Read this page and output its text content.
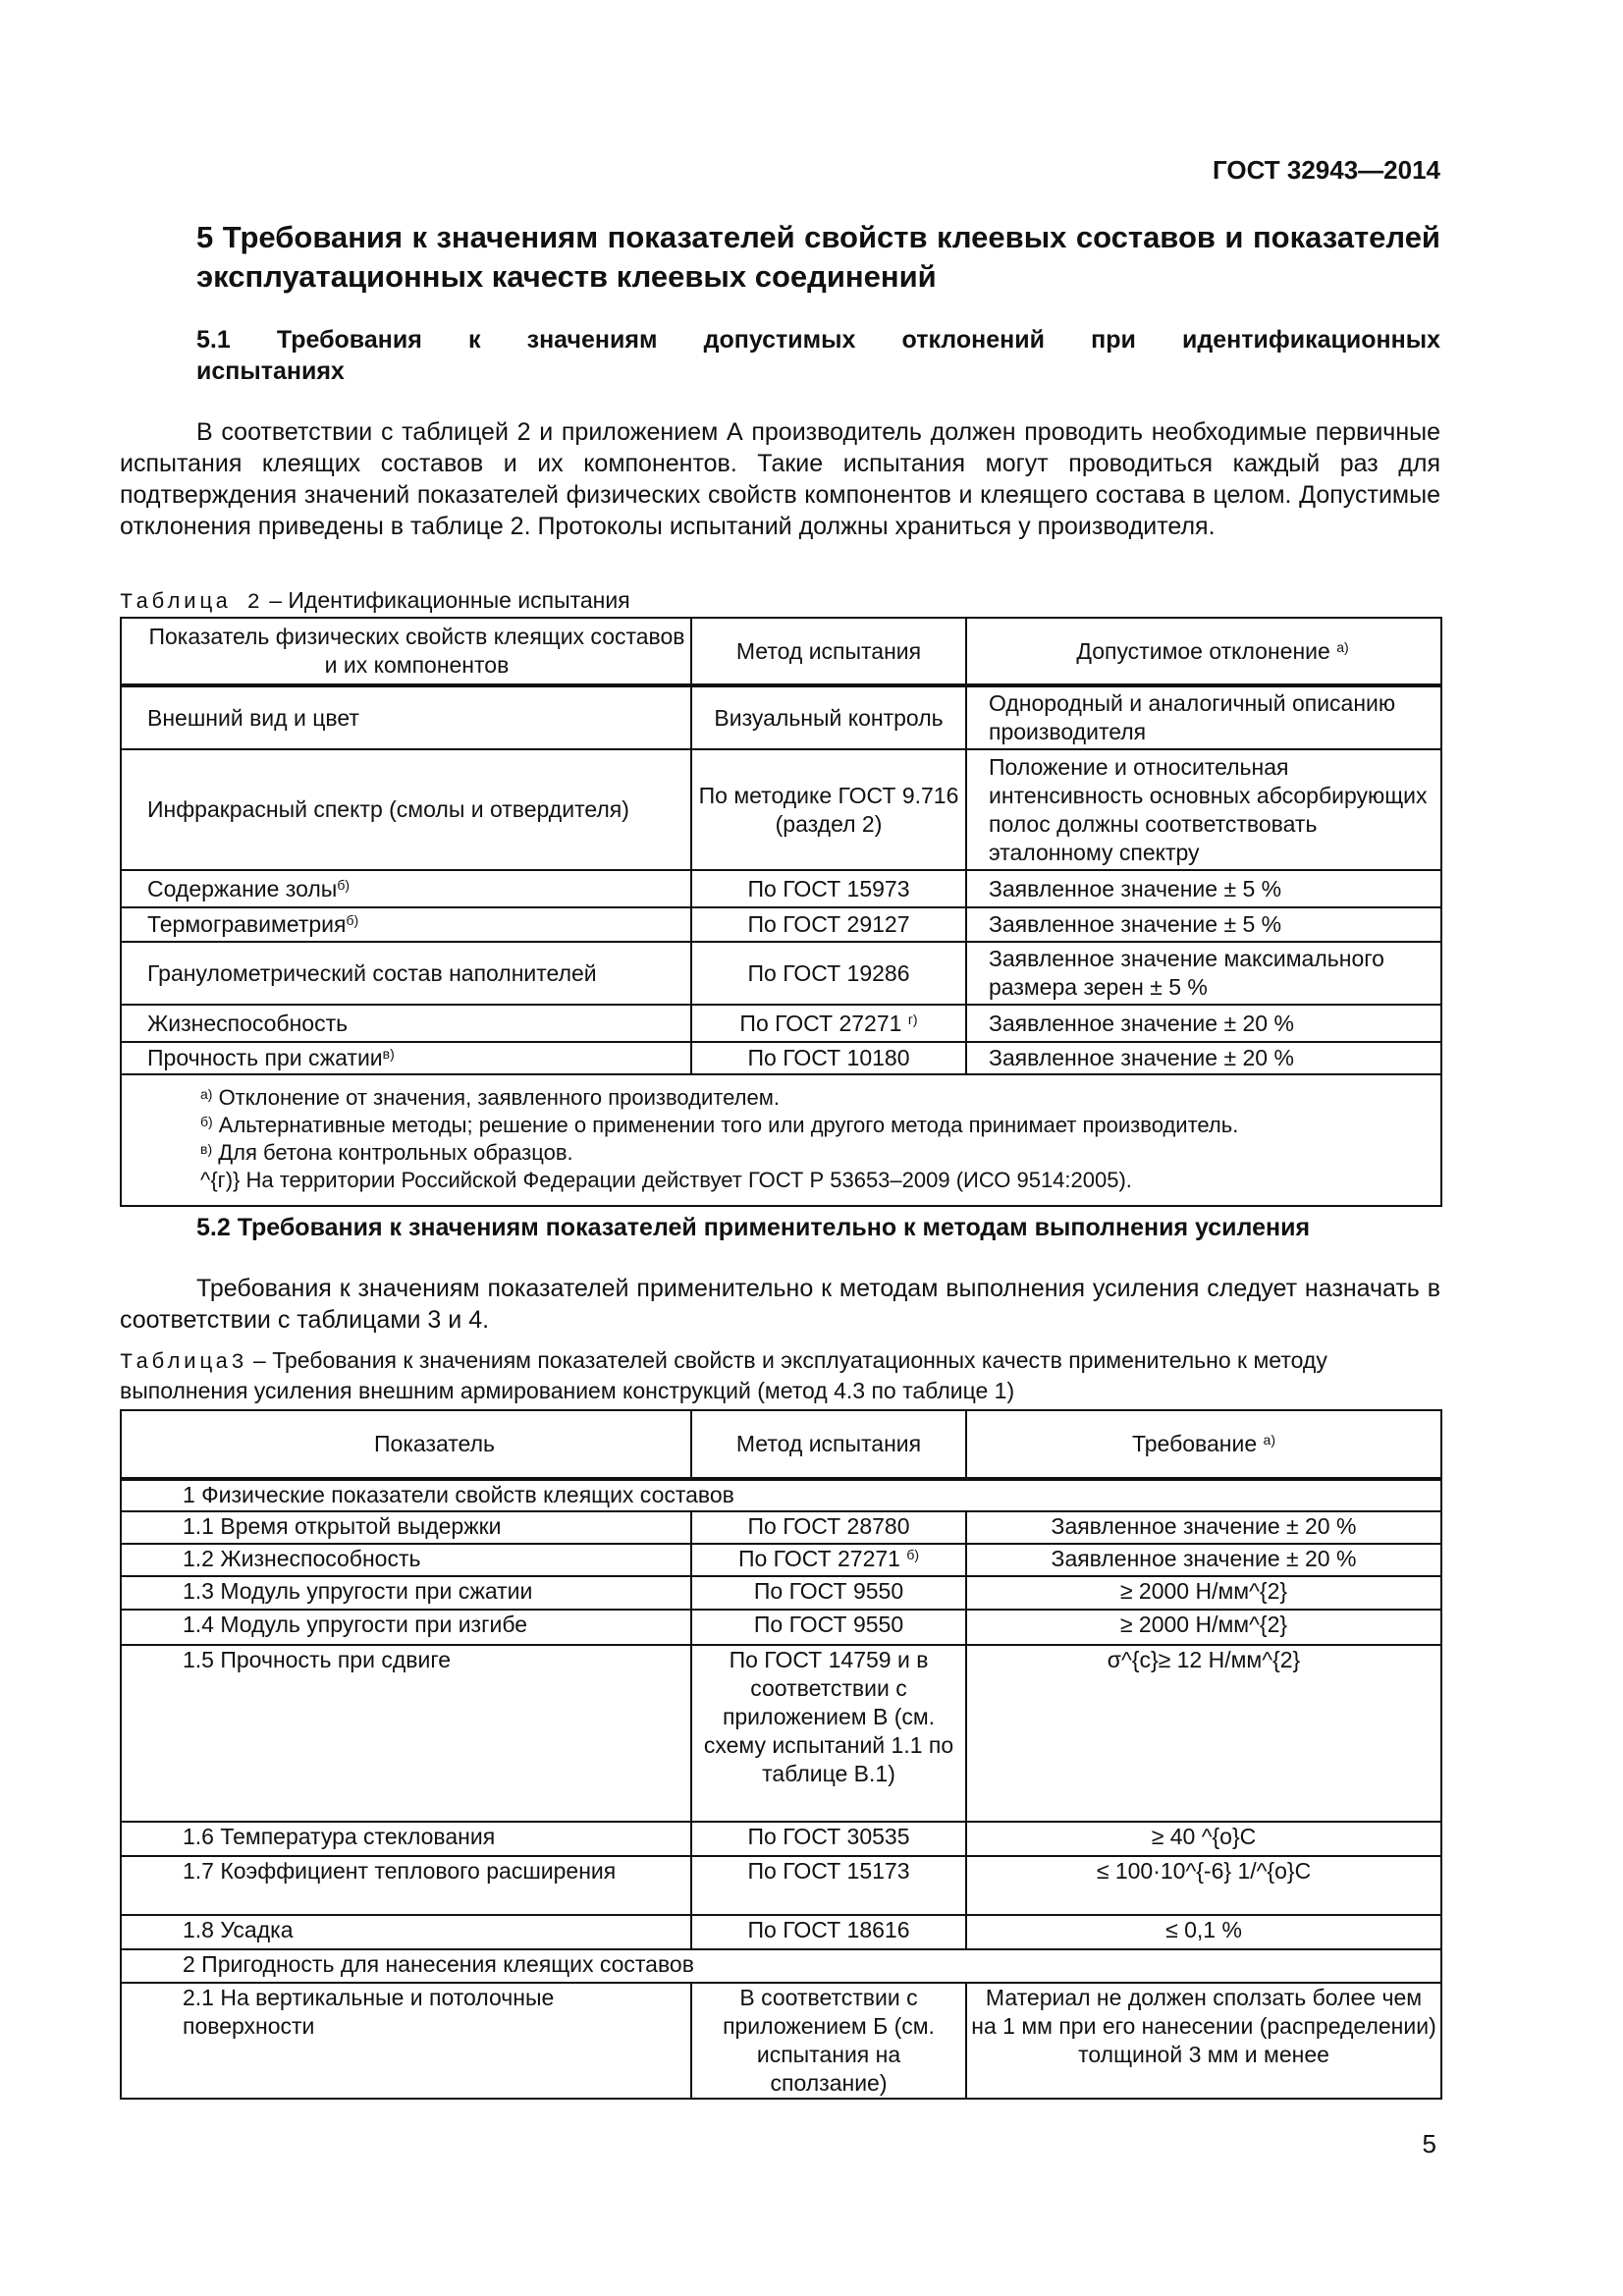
ГОСТ 32943—2014
5 Требования к значениям показателей свойств клеевых составов и показателей эксплуатационных качеств клеевых соединений
5.1 Требования к значениям допустимых отклонений при идентификационных
испытаниях
В соответствии с таблицей 2 и приложением А производитель должен проводить необходимые первичные испытания клеящих составов и их компонентов. Такие испытания могут проводиться каждый раз для подтверждения значений показателей физических свойств компонентов и клеящего состава в целом. Допустимые отклонения приведены в таблице 2. Протоколы испытаний должны храниться у производителя.
Таблица 2 – Идентификационные испытания
Показатель физических свойств клеящих составов и их компонентов	Метод испытания	Допустимое отклонение $^{а)}$
Внешний вид и цвет	Визуальный контроль	Однородный и аналогичный описанию производителя
Инфракрасный спектр (смолы и отвердителя)	По методике ГОСТ 9.716 (раздел 2)	Положение и относительная интенсивность основных абсорбирующих полос должны соответствовать эталонному спектру
Содержание золы$^{б)}$	По ГОСТ 15973	Заявленное значение ± 5 %
Термогравиметрия$^{б)}$	По ГОСТ 29127	Заявленное значение ± 5 %
Гранулометрический состав наполнителей	По ГОСТ 19286	Заявленное значение максимального размера зерен ± 5 %
Жизнеспособность	По ГОСТ 27271 $^{г)}$	Заявленное значение ± 20 %
Прочность при сжатии$^{в)}$	По ГОСТ 10180	Заявленное значение ± 20 %

$^{а)}$ Отклонение от значения, заявленного производителем.
$^{б)}$ Альтернативные методы; решение о применении того или другого метода принимает производитель.
$^{в)}$ Для бетона контрольных образцов.
^{г)} На территории Российской Федерации действует ГОСТ Р 53653–2009 (ИСО 9514:2005).		
5.2 Требования к значениям показателей применительно к методам выполнения усиления
Требования к значениям показателей применительно к методам выполнения усиления следует назначать в соответствии с таблицами 3 и 4.
Таблица3 – Требования к значениям показателей свойств и эксплуатационных качеств применительно к методу выполнения усиления внешним армированием конструкций (метод 4.3 по таблице 1)
Показатель	Метод испытания	Требование $^{а)}$
1 Физические показатели свойств клеящих составов		
1.1 Время открытой выдержки	По ГОСТ 28780	Заявленное значение ± 20 %
1.2 Жизнеспособность	По ГОСТ 27271 $^{б)}$	Заявленное значение ± 20 %
1.3 Модуль упругости при сжатии	По ГОСТ 9550	≥ 2000 Н/мм^{2}
1.4 Модуль упругости при изгибе	По ГОСТ 9550	≥ 2000 Н/мм^{2}
1.5 Прочность при сдвиге	По ГОСТ 14759 и в соответствии с приложением В (см. схему испытаний 1.1 по таблице В.1)	σ^{с}≥ 12 Н/мм^{2}
1.6 Температура стеклования	По ГОСТ 30535	≥ 40 ^{о}С
1.7 Коэффициент теплового расширения	По ГОСТ 15173	≤ 100·10^{-6} 1/^{о}С
1.8 Усадка	По ГОСТ 18616	≤ 0,1 %
2 Пригодность для нанесения клеящих составов		
2.1 На вертикальные и потолочные поверхности	В соответствии с приложением Б (см. испытания на сползание)	Материал не должен сползать более чем на 1 мм при его нанесении (распределении) толщиной 3 мм и менее
5
